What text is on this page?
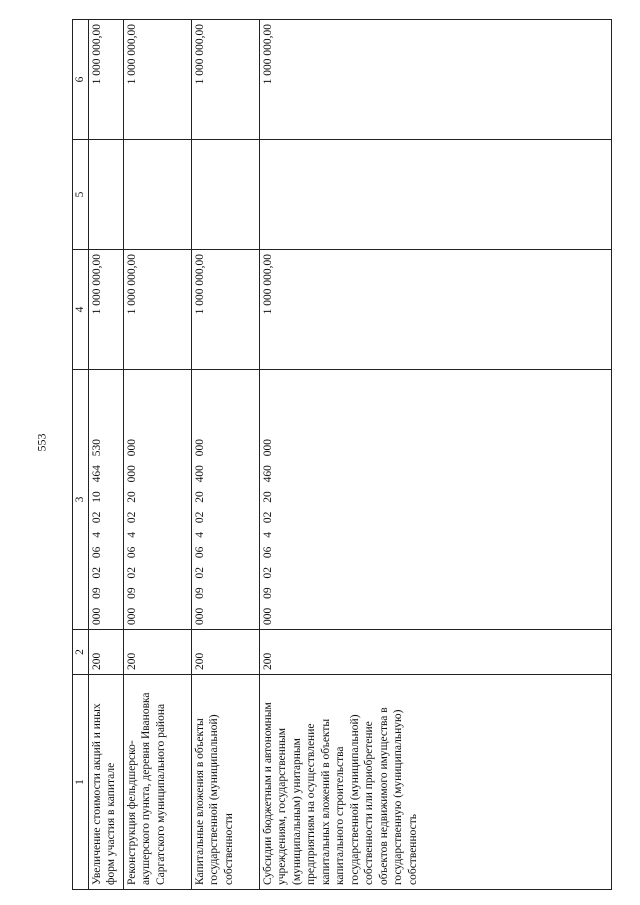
553
1	2	3	4	5	6
Увеличение стоимости акций и иных форм участия в капитале	200	000 09 02 06 4 02 10 464 530	1 000 000,00		1 000 000,00
Реконструкция фельдшерско-акушерского пункта, деревня Ивановка Саргатского муниципального района	200	000 09 02 06 4 02 20 000 000	1 000 000,00		1 000 000,00
Капитальные вложения в объекты государственной (муниципальной) собственности	200	000 09 02 06 4 02 20 400 000	1 000 000,00		1 000 000,00
Субсидии бюджетным и автономным учреждениям, государственным (муниципальным) унитарным предприятиям на осуществление капитальных вложений в объекты капитального строительства государственной (муниципальной) собственности или приобретение объектов недвижимого имущества в государственную (муниципальную) собственность	200	000 09 02 06 4 02 20 460 000	1 000 000,00		1 000 000,00
